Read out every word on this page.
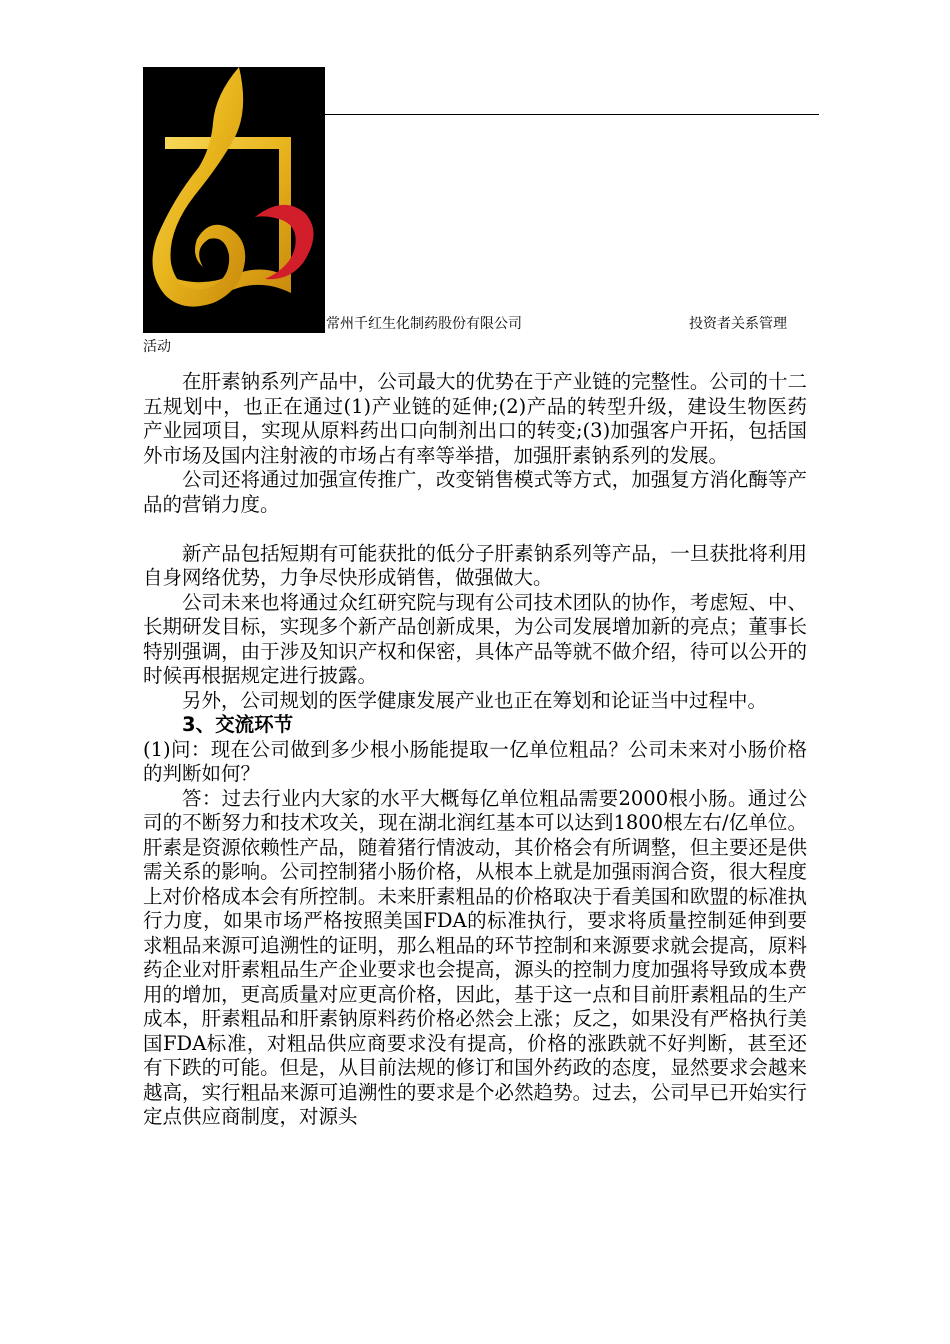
常州千红生化制药股份有限公司	投资者关系管理
活动

在肝素钠系列产品中，公司最大的优势在于产业链的完整性。公司的十二五规划中，也正在通过(1)产业链的延伸;(2)产品的转型升级，建设生物医药产业园项目，实现从原料药出口向制剂出口的转变;(3)加强客户开拓，包括国外市场及国内注射液的市场占有率等举措，加强肝素钠系列的发展。

公司还将通过加强宣传推广，改变销售模式等方式，加强复方消化酶等产品的营销力度。

新产品包括短期有可能获批的低分子肝素钠系列等产品，一旦获批将利用自身网络优势，力争尽快形成销售，做强做大。

公司未来也将通过众红研究院与现有公司技术团队的协作，考虑短、中、长期研发目标，实现多个新产品创新成果，为公司发展增加新的亮点；董事长特别强调，由于涉及知识产权和保密，具体产品等就不做介绍，待可以公开的时候再根据规定进行披露。

另外，公司规划的医学健康发展产业也正在筹划和论证当中过程中。

3、交流环节

(1)问：现在公司做到多少根小肠能提取一亿单位粗品？公司未来对小肠价格的判断如何？

答：过去行业内大家的水平大概每亿单位粗品需要2000根小肠。通过公司的不断努力和技术攻关，现在湖北润红基本可以达到1800根左右/亿单位。肝素是资源依赖性产品，随着猪行情波动，其价格会有所调整，但主要还是供需关系的影响。公司控制猪小肠价格，从根本上就是加强雨润合资，很大程度上对价格成本会有所控制。未来肝素粗品的价格取决于看美国和欧盟的标准执行力度，如果市场严格按照美国FDA的标准执行，要求将质量控制延伸到要求粗品来源可追溯性的证明，那么粗品的环节控制和来源要求就会提高，原料药企业对肝素粗品生产企业要求也会提高，源头的控制力度加强将导致成本费用的增加，更高质量对应更高价格，因此，基于这一点和目前肝素粗品的生产成本，肝素粗品和肝素钠原料药价格必然会上涨；反之，如果没有严格执行美国FDA标准，对粗品供应商要求没有提高，价格的涨跌就不好判断，甚至还有下跌的可能。但是，从目前法规的修订和国外药政的态度，显然要求会越来越高，实行粗品来源可追溯性的要求是个必然趋势。过去，公司早已开始实行定点供应商制度，对源头
